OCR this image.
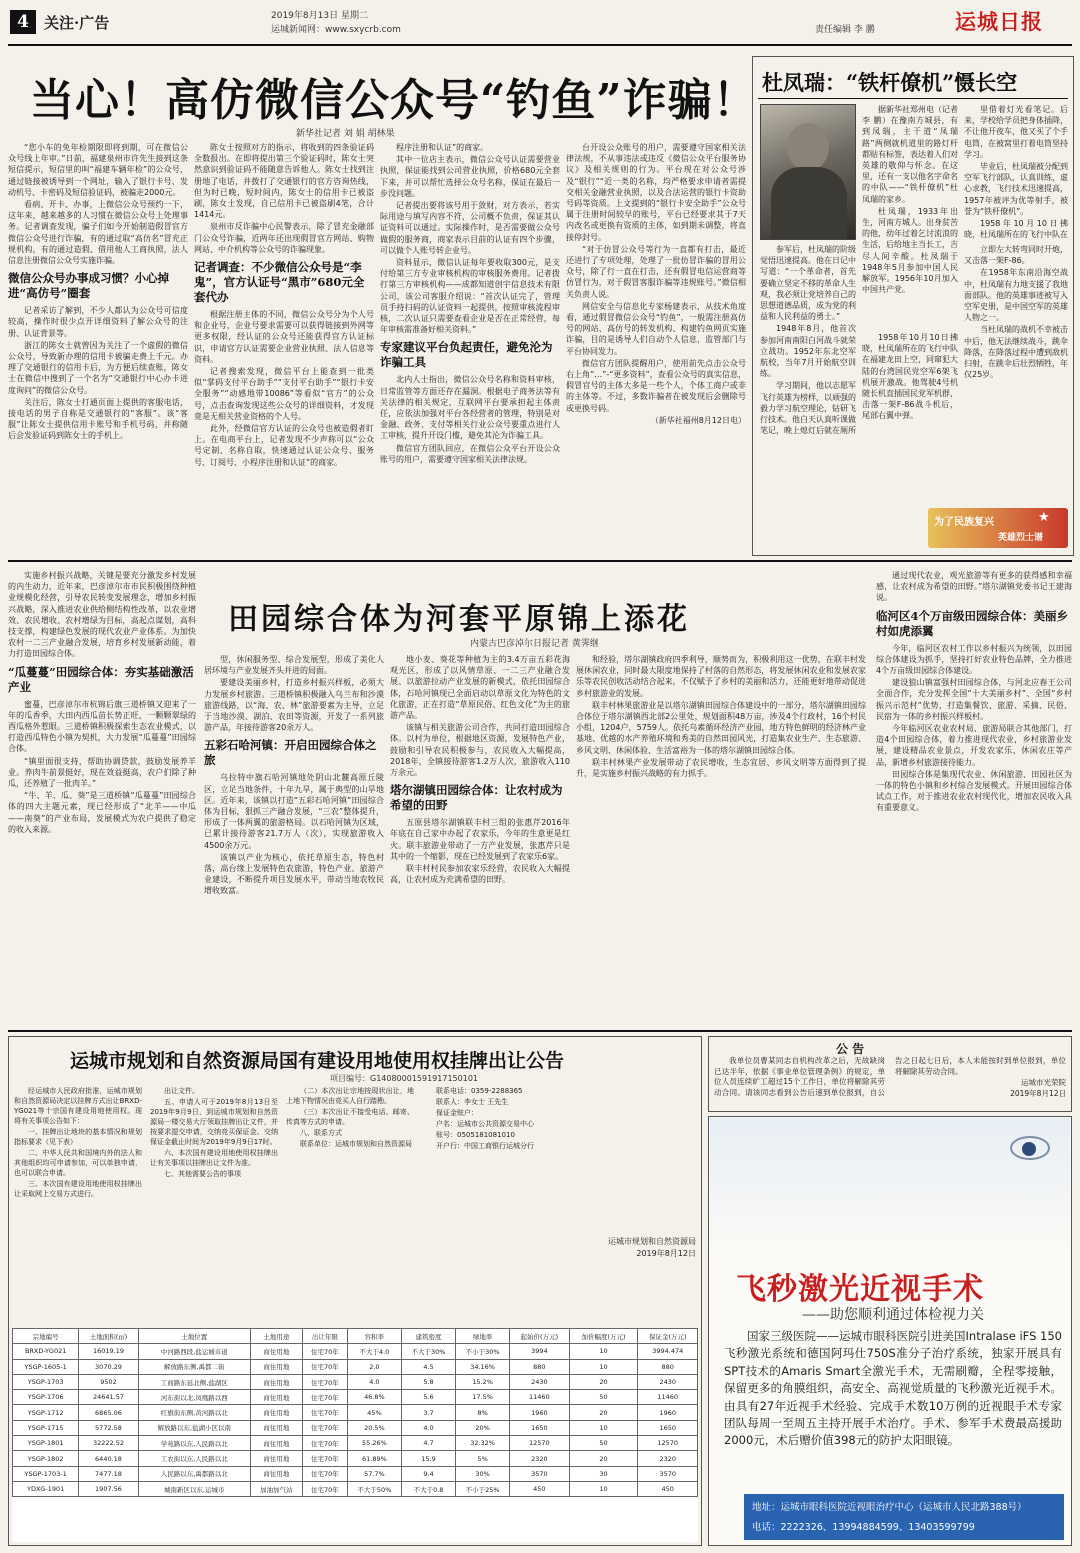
4	关注·广告	2019年8月13日 星期二
运城新闻网：www.sxycrb.com	责任编辑 李 鹏	运城日报
当心！高仿微信公众号“钓鱼”诈骗！
新华社记者 刘 娟 胡林果

“您小车的免年检期限即将到期，可在微信公众号线上年审。”日前，福建泉州市许先生接到这条短信提示，短信里的叫“福建车辆年检”的公众号，通过链接被诱导到一个网址，输入了银行卡号、发动机号、卡密码及短信验证码，被骗走2000元。

看病、开卡、办事，上微信公众号预约一下，这年来，越来越多的人习惯在微信公众号上处理事务。记者调查发现，骗子们如今开始制造假冒官方微信公众号进行诈骗，有的通过取“高仿名”冒充正规机构，有的通过造假、借用他人工商执照，法人信息注册微信公众号实施诈骗。

微信公众号办事成习惯？小心掉进“高仿号”圈套

记者采访了解到，不少人都认为公众号可信度较高，操作时很少点开详细资料了解公众号的注册、认证背景等。

浙江的陈女士就曾因为关注了一个虚假的微信公众号，导致新办理的信用卡被骗走费上千元。办理了交通银行的信用卡后，为方便后续查账，陈女士在微信中搜到了一个名为“交通银行中心办卡进度询问”的微信公众号。

关注后，陈女士打通页面上提供的客服电话，接电话的男子自称是交通银行的“客服”。该“客服”让陈女士提供信用卡账号和手机号码，并称随后会发验证码到陈女士的手机上。

陈女士按照对方的指示，将收到的四条验证码全数报出。在即将提出第三个验证码时，陈女士突然意识到验证码不能随意告诉他人。陈女士找到注册地了电话，并拨打了交通银行的官方咨询热线，但为时已晚，短时间内，陈女士的信用卡已被盗刷，陈女士发现，自己信用卡已被盗刷4笔，合计1414元。

泉州市反诈骗中心民警表示，除了冒充金融部门公众号诈骗，近两年还出现假冒官方网站、购物网站、中介机构等公众号的诈骗现象。

记者调查：不少微信公众号是“李鬼”，官方认证号“黑市”680元全套代办

根据注册主体的不同，微信公众号分为个人号和企业号，企业号要求需要可以获得链接到外网等更多权限，经认证的公众号还能获得官方认证标识，申请官方认证需要企业营业执照、法人信息等资料。

记者搜索发现，微信平台上能查到一批类似“掌码支付平台助手”“支付平台助手”“银行卡安全服务”“动感地带10086”等看似“官方”的公众号，点击查询发现这些公众号的详细资料，才发现竟是无相关营业资格的个人号。

此外，经微信官方认证的公众号也被造假者盯上。在电商平台上，记者发现不少声称可以“公众号定制、名称自取，快速通过认证公众号、服务号、订阅号、小程序注册和认证”的商家。

程序注册和认证”的商家。

其中一位店主表示，微信公众号认证需要营业执照，保证能找到公司营业执照，价格680元全套下来，并可以帮忙选择公众号名称，保证在最后一步没问题。

记者提出要将该号用于敛财，对方表示，若实际用途与填写内容不符，公司概不负责，保证其认证资料可以通过。实际操作时，是否需要做公众号做假的服务商，商家表示目前的认证有四个步骤，可以做个人账号转企业号。

资料显示，微信认证每年要收取300元，是支付给第三方专业审核机构的审核服务费用。记者拨打第三方审核机构——成都知道创宇信息技术有限公司，该公司客服介绍说：“首次认证完了，管理员手持扫码的认证资料一起提供，按照审核流程审核，二次认证只需要查看企业是否在正常经营，每年审核需准备好相关资料。”

专家建议平台负起责任，避免沦为诈骗工具

北内人士指出，微信公众号名称和资料审核，日常监管等方面还存在漏洞。根据电子商务法等有关法律的相关规定，互联网平台要承担起主体责任，应依法加强对平台各经营者的管理，特别是对金融、政务、支付等相关行业公众号要重点进行人工审核，提升开设门槛，避免其沦为诈骗工具。

微信官方团队回应，在微信公众平台开设公众账号的用户，需要遵守国家相关法律法规。

台开设公众账号的用户，需要遵守国家相关法律法规，不从事违法或违反《微信公众平台服务协议》及相关规则的行为。平台现在对公众号涉及“银行”“近一类的名称，均严格要求申请者需提交相关金融营业执照，以及合法运营的银行卡资助号码等资质。上文提到的“银行卡安全助手”公众号属于注册时间较早的账号，平台已经要求其于7天内改名或更换有资质的主体，如到期未调整，将直接停封号。

“对于仿冒公众号等行为一直都有打击，最近还进行了专项处理，处理了一批仿冒诈骗的冒用公众号，除了行一直在打击，还有假冒电信运营商等仿冒行为，对于假冒客服诈骗等违规账号。”微信相关负责人说。

网信安全与信息化专家杨建表示，从技术角度看，通过假冒微信公众号“钓鱼”，一般需注册高仿号的网站、高仿号的转发机构、构建钓鱼网页实施诈骗，目的是诱导人们自动个人信息，监管部门与平台协同发力。

微信官方团队提醒用户，使用前先点击公众号右上角“…”-“更多资料”，查看公众号的真实信息，假冒官号的主体大多是一些个人，个体工商户或非的主体等。不过，多数诈骗者在被发现后会删除号或更换号码。

（新华社福州8月12日电）
杜凤瑞：“铁杆僚机”慑长空

据新华社郑州电（记者 李 鹏）在豫南方城县，有到凤瑞，主干道“凤瑞路”两侧就机道里的路灯杆都贴有标签，表达着人们对英雄的敬仰与怀念。在这里，还有一支以他名字命名的中队——“铁杆僚机”杜凤瑞的家乡。

杜凤瑞，1933年出生，河南方城人。出身贫苦的他，幼年过着乞讨流浪的生活，后给地主当长工，吉尽人间辛酸。杜凤瑞于1948年5月参加中国人民解放军。1956年10月加入中国共产党。

里借着灯光看笔记。后来，学校给学员把身体插降，不让他开夜车，他又买了个手电筒，在被窝里打着电筒坚持学习。

毕业后，杜凤瑞被分配到空军飞行部队，认真训练，虚心求教，飞行技术迅速提高，1957年被评为优等射手，被誉为“铁杆僚机”。

1958年10月10日拂晓，杜凤瑞所在的飞行中队在

参军后，杜凤瑞的阶级觉悟迅速提高。他在日记中写道：“一个革命者，首先要确立坚定不移的革命人生观，我必须让党培养自己的思想道德品质，成为党的利益和人民利益的勇士。”

1948年8月，他首次参加河南南阳白河战斗就荣立战功。1952年东北空军航校，当年7月开始航空训练。

学习期间，他以志愿军飞行英雄为榜样，以顽强的毅力学习航空理论，钻研飞行技术。他白天认真听课做笔记，晚上熄灯后就在厕所

立即左大转弯同时开炮，又击落一架F-86。

在1958年东南沿海空战中，杜凤瑞有力地支援了我地面部队。他的英雄事迹被写入空军史册，是中国空军的英雄人物之一。

当杜凤瑞的战机不幸被击中后，他无法继续战斗，跳伞降落，在降落过程中遭到敌机扫射，在跳伞后壮烈牺牲，年仅25岁。

1958年10月10日拂晓，杜凤瑞所在的飞行中队在福建龙田上空，同窜犯大陆的台湾国民党空军6架飞机展开激战。他驾驶4号机随长机直插国民党军机群，击落一架F-86战斗机后，尾部右翼中弹。

为了民族复兴
英雄烈士谱
★

实施乡村振兴战略，关键是要充分激发乡村发展的内生动力，近年来，巴彦淖尔市市民积极围绕种植业规模化经营，引导农民转变发展理念，增加乡村振兴战略，深入推进农业供给侧结构性改革，以农业增效、农民增收、农村增绿为目标，高起点谋划，高科技支撑，构建绿色发展的现代农业产业体系。为加快农村一二三产业融合发展，培育乡村发展新动能，着力打造田园综合体。

“瓜蔓蔓”田园综合体：夯实基础激活产业

蜜蔓，巴彦淖尔市杭锦后旗三道桥镇又迎来了一年的瓜香季，大田内西瓜苗长势正旺，一颗颗翠绿的西瓜格外惹眼。三道桥镇积极探索生态农业模式，以打造西瓜特色小镇为契机，大力发展“瓜蔓蔓”田园综合体。

“镇里面很支持，帮助协调贷款，鼓励发展养羊业。养肉牛前景挺好，现在效益挺高，农户们除了种瓜，还养殖了一批肉羊。”

“牛、羊、瓜、葵”是三道桥镇“瓜蔓蔓”田园综合体的四大主题元素，现已经形成了“北羊——中瓜——南葵”的产业布局，发展模式为农户提供了稳定的收入来源。

田园综合体为河套平原锦上添花
内蒙古巴彦淖尔日报记者 黄霁继

型，休闲服务型、综合发展型，形成了美化人居环境与产业发展齐头并进的局面。

要建设美丽乡村，打造乡村振兴样板，必须大力发展乡村旅游。三道桥镇积极融入乌兰布和沙漠旅游线路，以“海、农、林”旅游要素为主导，立足于当地沙漠、湖泊、农田等资源，开发了一系列旅游产品，年接待游客20余万人。

五彩石哈河镇：开启田园综合体之旅

乌拉特中旗石哈河镇地处阴山北麓高原丘陵区，立足当地条件，十年九旱，属于典型的山旱地区。近年来，该镇以打造“五彩石哈河镇”田园综合体为目标，狠抓三产融合发展，“三农”整体提升，形成了一体两翼的旅游格局。以石哈河镇为区域，已累计接待游客21.7万人（次），实现旅游收入4500余万元。

该镇以产业为核心，依托草原生态，特色村落，高台缘上发展特色农旅游，特色产业、旅游产业建设，不断提升项目发展水平，带动当地农牧民增收致富。

地小麦、葵花等种植为主的3.4万亩五彩花海观光区，形成了以风情草原、一二三产业融合发展、以旅游拉动产业发展的新模式，依托田园综合体，石哈河镇现已全面启动以草原文化为特色的文化旅游，正在打造“草原民俗、红色文化”为主的旅游产品。

该镇与相关旅游公司合作，共同打造田园综合体。以村为单位，根据地区资源，发展特色产业，鼓励和引导农民积极参与，农民收入大幅提高，2018年，全镇接待游客1.2万人次，旅游收入110万余元。

塔尔湖镇田园综合体：让农村成为希望的田野

五原县塔尔湖镇联丰村三组的张惠芹2016年年底在自己家中办起了农家乐，今年的生意更是红火。联丰旅游业带动了一方产业发展，张惠芹只是其中的一个缩影，现在已经发展到了农家乐6家。

联丰村村民参加农家乐经营，农民收入大幅提高，让农村成为充满希望的田野。

和经验，塔尔湖镇政府四季利导，顺势而为，积极利用这一优势，在联丰村发展休闲农业，同时最大限度地保持了村落的自然形态，将发展休闲农业和发展农家乐等农民创收活动结合起来，不仅赋予了乡村的美丽和活力，还能更好地带动促进乡村旅游业的发展。

联丰村林果旅游业是以塔尔湖镇田园综合体建设中的一部分，塔尔湖镇田园综合体位于塔尔湖镇西北部2公里处，规划面积48万亩，涉及4个行政村，16个村民小组，1204户，5759人。依托乌素循环经济产业园，地方特色鲜明的经济林产业基地、优越的水产养殖环境和秀美的自然田园风光，打造集农业生产、生态旅游、乡风文明、休闲体验、生活富裕为一体的塔尔湖镇田园综合体。

联丰村林果产业发展带动了农民增收，生态宜居、乡风文明等方面得到了提升，是实施乡村振兴战略的有力抓手。

通过现代农业，观光旅游等有更多的获得感和幸福感，让农村成为希望的田野。”塔尔湖镇党委书记王建海说。

临河区4个万亩级田园综合体：美丽乡村如虎添翼

今年，临河区农村工作以乡村振兴为统领，以田园综合体建设为抓手，坚持打好农业特色品牌，全力推进4个万亩级田园综合体建设。

建设狼山镇富强村田园综合体，与河北应春王公司全面合作，充分发挥全国“十大美丽乡村”、全国“乡村振兴示范村”优势，打造集餐饮、旅游、采摘、民俗、民宿为一体的乡村振兴样板村。

今年临河区农业农村局、旅游局联合其他部门，打造4个田园综合体，着力推进现代农业，乡村旅游业发展，建设精品农业景点，开发农家乐、休闲农庄等产品，新增乡村旅游接待能力。

田园综合体是集现代农业、休闲旅游、田园社区为一体的特色小镇和乡村综合发展模式。开展田园综合体试点工作，对于推进农业农村现代化，增加农民收入具有重要意义。

运城市规划和自然资源局国有建设用地使用权挂牌出让公告
项目编号：G14080001591917150101

经运城市人民政府批准，运城市规划和自然资源局决定以挂牌方式出让BRXD-YG021等十宗国有建设用地使用权。现将有关事项公告如下：

一、挂牌出让地块的基本情况和规划指标要求（见下表）

二、中华人民共和国境内外的法人和其他组织均可申请参加，可以单独申请，也可以联合申请。

三、本次国有建设用地使用权挂牌出让采取网上交易方式进行。

出让文件。

五、申请人可于2019年8月13日至2019年9月9日，到运城市规划和自然资源局一楼交易大厅领取挂牌出让文件，并按要求提交申请，交纳竞买保证金。交纳保证金截止时间为2019年9月9日17时。

六、本次国有建设用地使用权挂牌出让有关事项以挂牌出让文件为准。

七、其他需要公告的事项

（二）本次出让宗地按现状出让，地上地下物情况由竞买人自行踏勘。

（三）本次出让不接受电话、邮寄、传真等方式的申请。

八、联系方式

联系单位：运城市规划和自然资源局

联系电话：0359-2288365

联系人：李女士 王先生

保证金账户：

户名：运城市公共资源交易中心

账号：0505181081010

开户行：中国工商银行运城分行

运城市规划和自然资源局
2019年8月12日
宗地编号	土地面积(㎡)	土地位置	土地用途	出让年限	容积率	建筑密度	绿地率	起始价(万元)	加价幅度(万元)	保证金(万元)
BRXD-YG021	16019.19	中河路西段,盐运城市道	商住用地	住宅70年	不大于4.0	不大于30%	不小于30%	3994	10	3994.474
YSGP-1605-1	3070.29	解放路东侧,禹都二街	商住用地	住宅70年	2.0	4.5	34.16%	880	10	880
YSGP-1703	9502	工商路东延北侧,盐湖区	商住用地	住宅70年	4.0	5.8	15.2%	2430	20	2430
YSGP-1706	24641.57	河东街以北,凤凰路以西	商住用地	住宅70年	46.8%	5.6	17.5%	11460	50	11460
YSGP-1712	6865.06	红旗街东侧,黄河路以北	商住用地	住宅70年	45%	3.7	8%	1960	20	1960
YSGP-1715	5772.58	解放路以东,盐湖小区以南	商住用地	住宅70年	20.5%	4.0	20%	1650	10	1650
YSGP-1801	32222.52	学苑路以东,人民路以北	商住用地	住宅70年	55.26%	4.7	32.32%	12570	50	12570
YSGP-1802	6440.18	工农街以东,人民路以北	商住用地	住宅70年	61.89%	15.9	5%	2320	20	2320
YSGP-1703-1	7477.18	人民路以东,禹都路以北	商住用地	住宅70年	57.7%	9.4	30%	3570	30	3570
YDXG-1901	1907.56	城南新区以东,运城市	加油加气站	住宅70年	不大于50%	不大于0.8	不小于25%	450	10	450
公 告

我单位员曹某同志自机构改革之后，无故缺岗已达半年，依据《事业单位管理条例》的规定，单位人员连续旷工超过15个工作日，单位将解除其劳动合同。请该同志看到公告后速到单位报到，自公告之日起七日后，本人未能按时到单位报到，单位将解除其劳动合同。

运城市光荣院
2019年8月12日
飞秒激光近视手术
——助您顺利通过体检视力关
国家三级医院——运城市眼科医院引进美国Intralase iFS 150飞秒激光系统和德国阿玛仕750S准分子治疗系统，独家开展具有SPT技术的Amaris Smart全激光手术，无需刷瓣，全程零接触，保留更多的角膜组织，高安全、高视觉质量的飞秒激光近视手术。由具有27年近视手术经验、完成手术数10万例的近视眼手术专家团队每周一至周五主持开展手术治疗。手术、参军手术费最高援助2000元，术后赠价值398元的防护太阳眼镜。
地址：运城市眼科医院近视眼治疗中心（运城市人民北路388号）
电话：2222326、13994884599、13403599799
